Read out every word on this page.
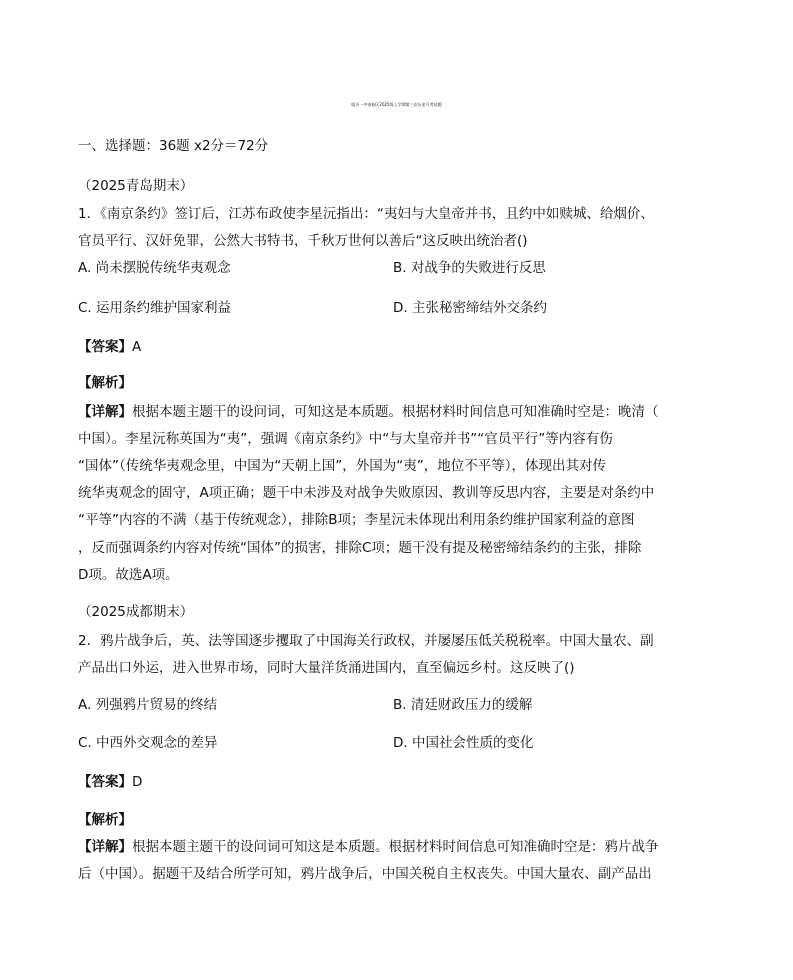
临沂一中南校区2025级上学期第三次历史月考试题
一、选择题：36题 x2分＝72分
（2025青岛期末）
1．《南京条约》签订后，江苏布政使李星沅指出：“夷妇与大皇帝并书，且约中如赎城、给烟价、
官员平行、汉奸免罪，公然大书特书，千秋万世何以善后“这反映出统治者()
A. 尚未摆脱传统华夷观念	B. 对战争的失败进行反思
C. 运用条约维护国家利益	D. 主张秘密缔结外交条约
【答案】A
【解析】
【详解】根据本题主题干的设问词，可知这是本质题。根据材料时间信息可知准确时空是：晚清（
中国）。李星沅称英国为“夷”，强调《南京条约》中“与大皇帝并书”“官员平行”等内容有伤
“国体”（传统华夷观念里，中国为“天朝上国”，外国为“夷”，地位不平等），体现出其对传
统华夷观念的固守，A项正确；题干中未涉及对战争失败原因、教训等反思内容，主要是对条约中
“平等”内容的不满（基于传统观念），排除B项；李星沅未体现出利用条约维护国家利益的意图
，反而强调条约内容对传统“国体”的损害，排除C项；题干没有提及秘密缔结条约的主张，排除
D项。故选A项。
（2025成都期末）
2．鸦片战争后，英、法等国逐步攫取了中国海关行政权，并屡屡压低关税税率。中国大量农、副
产品出口外运，进入世界市场，同时大量洋货涌进国内，直至偏远乡村。这反映了()
A. 列强鸦片贸易的终结	B. 清廷财政压力的缓解
C. 中西外交观念的差异	D. 中国社会性质的变化
【答案】D
【解析】
【详解】根据本题主题干的设问词可知这是本质题。根据材料时间信息可知准确时空是：鸦片战争
后（中国）。据题干及结合所学可知，鸦片战争后，中国关税自主权丧失。中国大量农、副产品出
